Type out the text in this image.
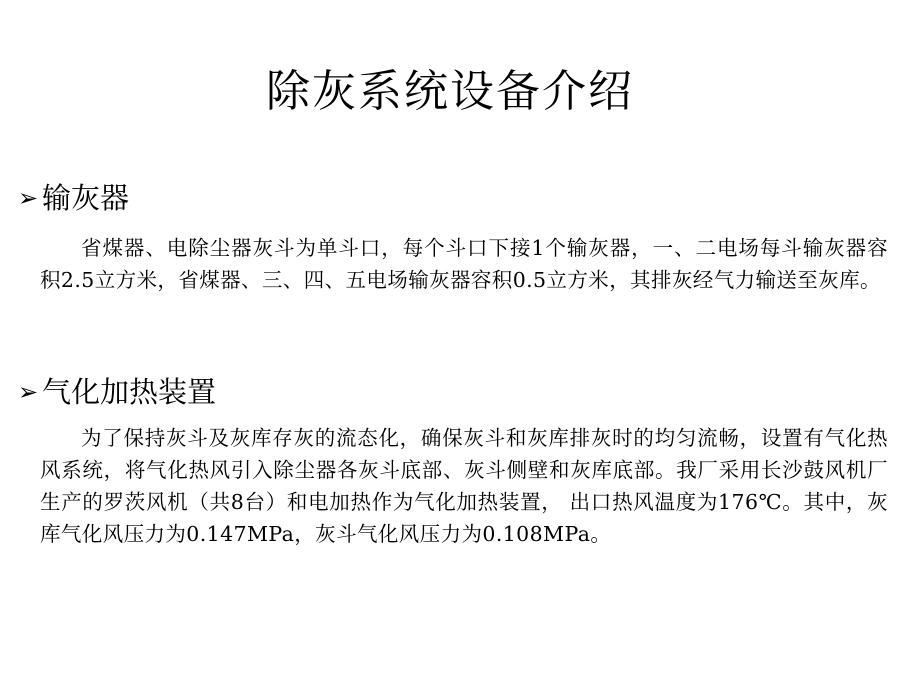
除灰系统设备介绍
➢ 输灰器
省煤器、电除尘器灰斗为单斗口，每个斗口下接1个输灰器，一、二电场每斗输灰器容积2.5立方米，省煤器、三、四、五电场输灰器容积0.5立方米，其排灰经气力输送至灰库。
➢ 气化加热装置
为了保持灰斗及灰库存灰的流态化，确保灰斗和灰库排灰时的均匀流畅，设置有气化热风系统，将气化热风引入除尘器各灰斗底部、灰斗侧壁和灰库底部。我厂采用长沙鼓风机厂生产的罗茨风机（共8台）和电加热作为气化加热装置， 出口热风温度为176℃。其中，灰库气化风压力为0.147MPa，灰斗气化风压力为0.108MPa。
